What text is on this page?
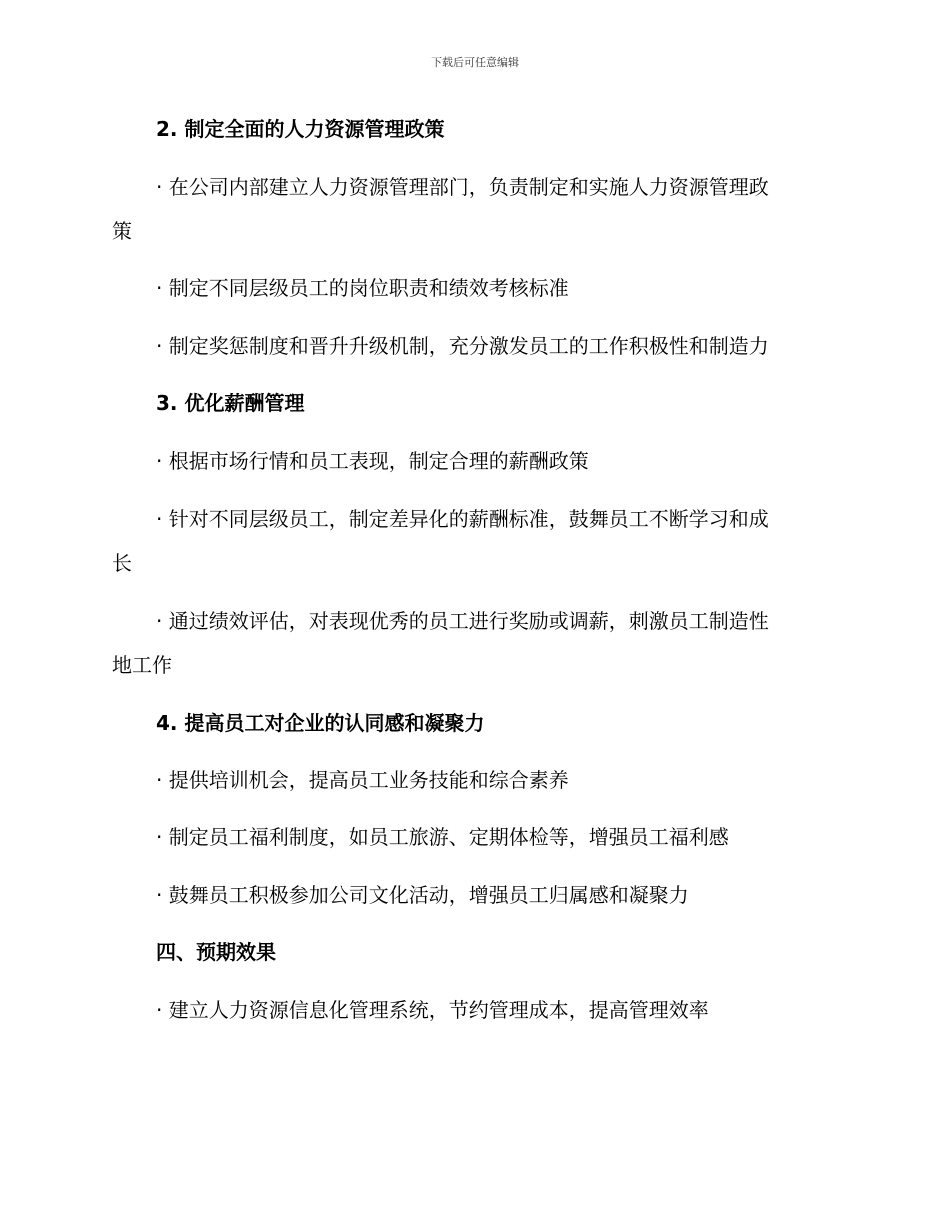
下载后可任意编辑
2. 制定全面的人力资源管理政策
· 在公司内部建立人力资源管理部门，负责制定和实施人力资源管理政
策
· 制定不同层级员工的岗位职责和绩效考核标准
· 制定奖惩制度和晋升升级机制，充分激发员工的工作积极性和制造力
3. 优化薪酬管理
· 根据市场行情和员工表现，制定合理的薪酬政策
· 针对不同层级员工，制定差异化的薪酬标准，鼓舞员工不断学习和成
长
· 通过绩效评估，对表现优秀的员工进行奖励或调薪，刺激员工制造性
地工作
4. 提高员工对企业的认同感和凝聚力
· 提供培训机会，提高员工业务技能和综合素养
· 制定员工福利制度，如员工旅游、定期体检等，增强员工福利感
· 鼓舞员工积极参加公司文化活动，增强员工归属感和凝聚力
四、预期效果
· 建立人力资源信息化管理系统，节约管理成本，提高管理效率
